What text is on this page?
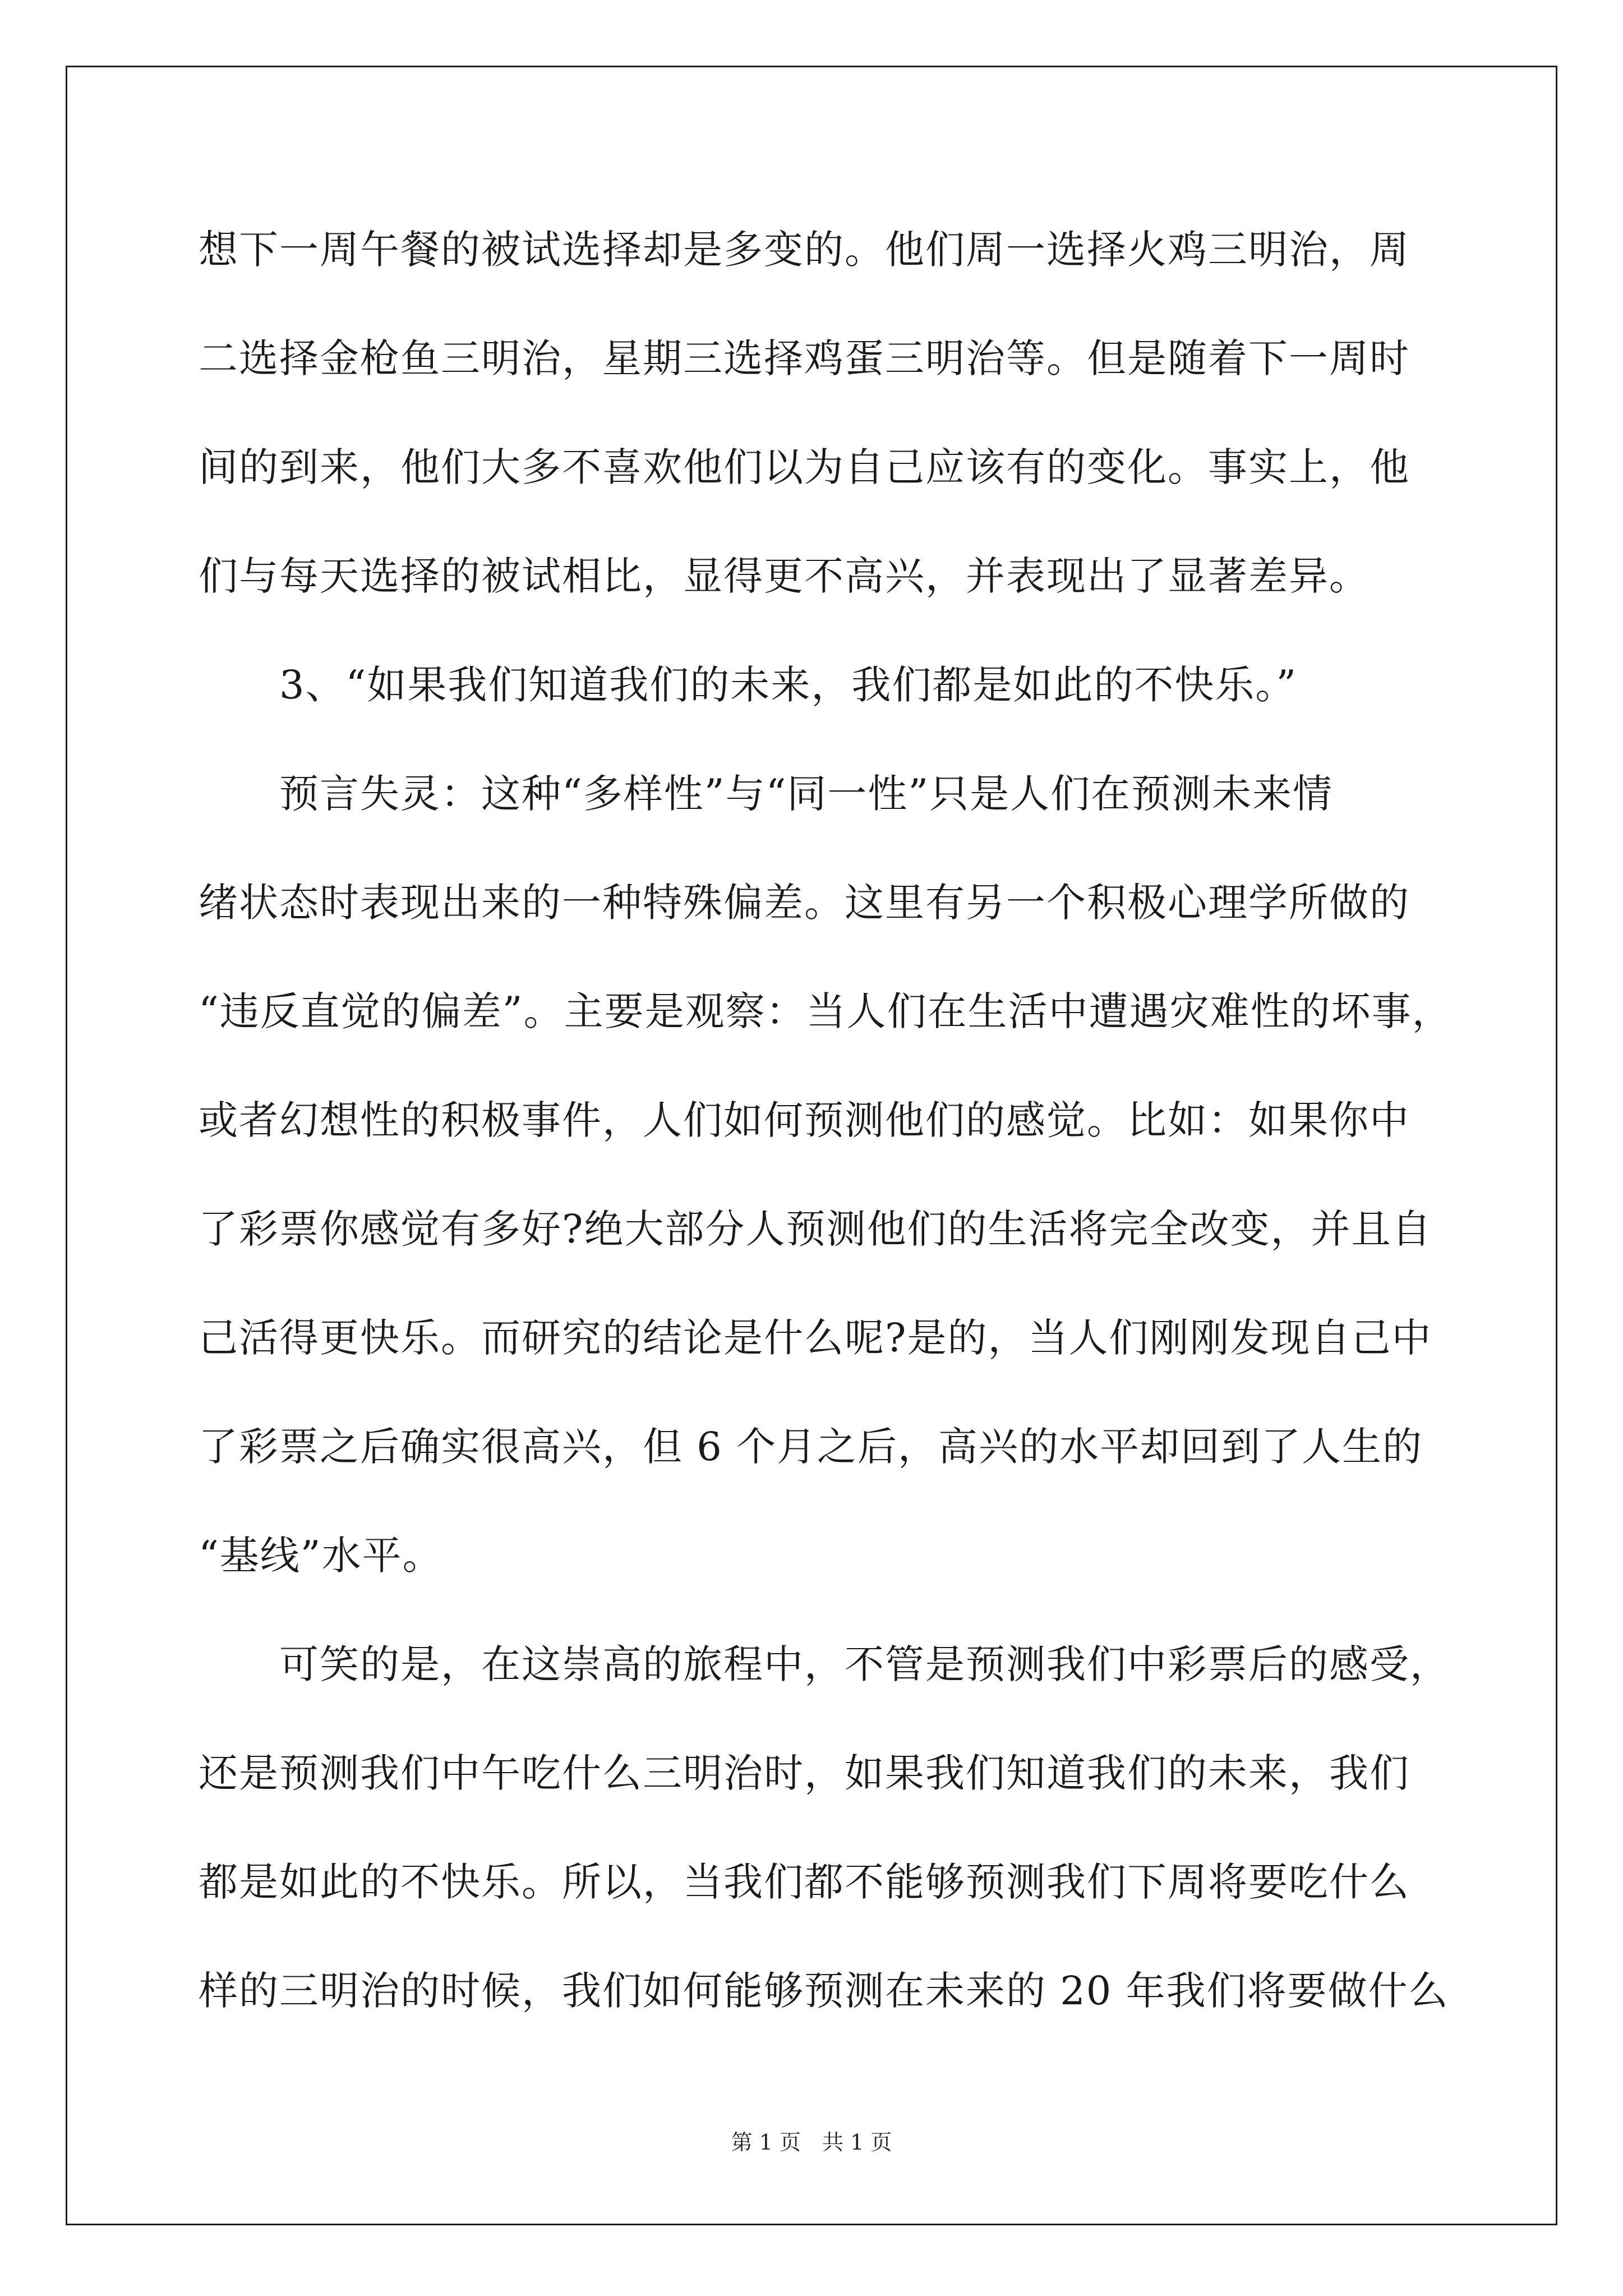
想下一周午餐的被试选择却是多变的。他们周一选择火鸡三明治，周
二选择金枪鱼三明治，星期三选择鸡蛋三明治等。但是随着下一周时
间的到来，他们大多不喜欢他们以为自己应该有的变化。事实上，他
们与每天选择的被试相比，显得更不高兴，并表现出了显著差异。
　　3、“如果我们知道我们的未来，我们都是如此的不快乐。”
　　预言失灵：这种“多样性”与“同一性”只是人们在预测未来情
绪状态时表现出来的一种特殊偏差。这里有另一个积极心理学所做的
“违反直觉的偏差”。主要是观察：当人们在生活中遭遇灾难性的坏事，
或者幻想性的积极事件，人们如何预测他们的感觉。比如：如果你中
了彩票你感觉有多好?绝大部分人预测他们的生活将完全改变，并且自
己活得更快乐。而研究的结论是什么呢?是的，当人们刚刚发现自己中
了彩票之后确实很高兴，但 6 个月之后，高兴的水平却回到了人生的
“基线”水平。
　　可笑的是，在这崇高的旅程中，不管是预测我们中彩票后的感受，
还是预测我们中午吃什么三明治时，如果我们知道我们的未来，我们
都是如此的不快乐。所以，当我们都不能够预测我们下周将要吃什么
样的三明治的时候，我们如何能够预测在未来的 20 年我们将要做什么
第 1 页　共 1 页
